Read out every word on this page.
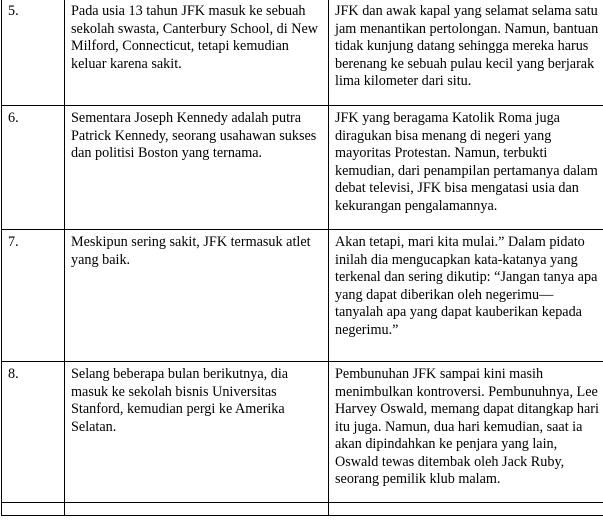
5.	Pada usia 13 tahun JFK masuk ke sebuah sekolah swasta, Canterbury School, di New Milford, Connecticut, tetapi kemudian keluar karena sakit.	JFK dan awak kapal yang selamat selama satu jam menantikan pertolongan. Namun, bantuan tidak kunjung datang sehingga mereka harus berenang ke sebuah pulau kecil yang berjarak lima kilometer dari situ.

6.	Sementara Joseph Kennedy adalah putra Patrick Kennedy, seorang usahawan sukses dan politisi Boston yang ternama.	JFK yang beragama Katolik Roma juga diragukan bisa menang di negeri yang mayoritas Protestan. Namun, terbukti kemudian, dari penampilan pertamanya dalam debat televisi, JFK bisa mengatasi usia dan kekurangan pengalamannya.

7.	Meskipun sering sakit, JFK termasuk atlet yang baik.	Akan tetapi, mari kita mulai.” Dalam pidato inilah dia mengucapkan kata-katanya yang terkenal dan sering dikutip: “Jangan tanya apa yang dapat diberikan oleh negerimu—tanyalah apa yang dapat kauberikan kepada negerimu.”

8.	Selang beberapa bulan berikutnya, dia masuk ke sekolah bisnis Universitas Stanford, kemudian pergi ke Amerika Selatan.	Pembunuhan JFK sampai kini masih menimbulkan kontroversi. Pembunuhnya, Lee Harvey Oswald, memang dapat ditangkap hari itu juga. Namun, dua hari kemudian, saat ia akan dipindahkan ke penjara yang lain, Oswald tewas ditembak oleh Jack Ruby, seorang pemilik klub malam.
